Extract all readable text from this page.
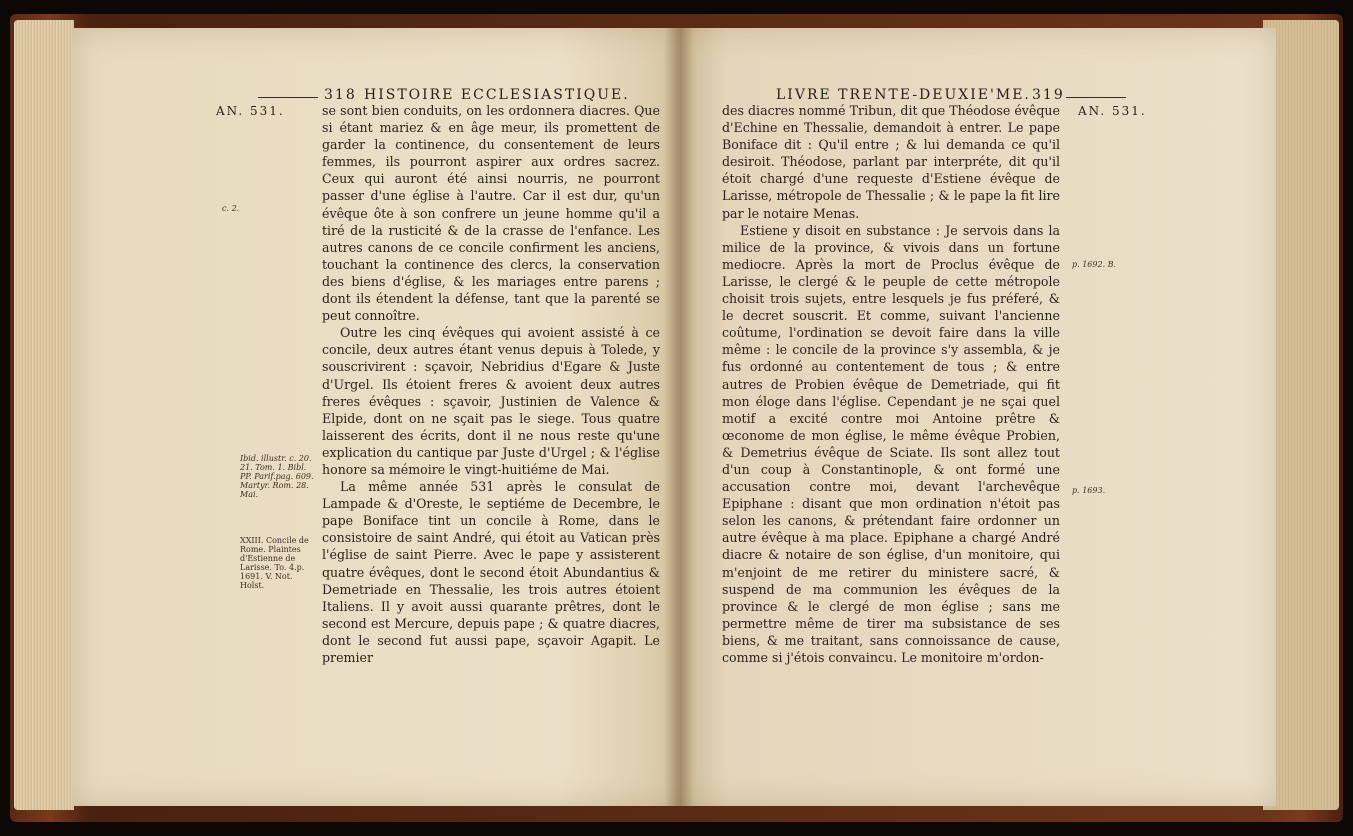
318 HISTOIRE ECCLESIASTIQUE.
AN. 531.
c. 2.
Ibid. illustr. c. 20. 21. Tom. 1. Bibl. PP. Parif.pag. 609. Martyr. Rom. 28. Mai.
XXIII. Concile de Rome. Plaintes d'Estienne de Larisse. To. 4.p. 1691. V. Not. Holst.

se sont bien conduits, on les ordonnera diacres. Que si étant mariez & en âge meur, ils promettent de garder la continence, du consentement de leurs femmes, ils pourront aspirer aux ordres sacrez. Ceux qui auront été ainsi nourris, ne pourront passer d'une église à l'autre. Car il est dur, qu'un évêque ôte à son confrere un jeune homme qu'il a tiré de la rusticité & de la crasse de l'enfance. Les autres canons de ce concile confirment les anciens, touchant la continence des clercs, la conservation des biens d'église, & les mariages entre parens ; dont ils étendent la défense, tant que la parenté se peut connoître.

Outre les cinq évêques qui avoient assisté à ce concile, deux autres étant venus depuis à Tolede, y souscrivirent : sçavoir, Nebridius d'Egare & Juste d'Urgel. Ils étoient freres & avoient deux autres freres évêques : sçavoir, Justinien de Valence & Elpide, dont on ne sçait pas le siege. Tous quatre laisserent des écrits, dont il ne nous reste qu'une explication du cantique par Juste d'Urgel ; & l'église honore sa mémoire le vingt-huitiéme de Mai.

La même année 531 après le consulat de Lampade & d'Oreste, le septiéme de Decembre, le pape Boniface tint un concile à Rome, dans le consistoire de saint André, qui étoit au Vatican près l'église de saint Pierre. Avec le pape y assisterent quatre évêques, dont le second étoit Abundantius & Demetriade en Thessalie, les trois autres étoient Italiens. Il y avoit aussi quarante prêtres, dont le second est Mercure, depuis pape ; & quatre diacres, dont le second fut aussi pape, sçavoir Agapit. Le premier

LIVRE TRENTE-DEUXIE'ME. 319
AN. 531.
p. 1692. B.
p. 1693.

des diacres nommé Tribun, dit que Théodose évêque d'Echine en Thessalie, demandoit à entrer. Le pape Boniface dit : Qu'il entre ; & lui demanda ce qu'il desiroit. Théodose, parlant par interpréte, dit qu'il étoit chargé d'une requeste d'Estiene évêque de Larisse, métropole de Thessalie ; & le pape la fit lire par le notaire Menas.

Estiene y disoit en substance : Je servois dans la milice de la province, & vivois dans un fortune mediocre. Après la mort de Proclus évêque de Larisse, le clergé & le peuple de cette métropole choisit trois sujets, entre lesquels je fus préferé, & le decret souscrit. Et comme, suivant l'ancienne coûtume, l'ordination se devoit faire dans la ville même : le concile de la province s'y assembla, & je fus ordonné au contentement de tous ; & entre autres de Probien évêque de Demetriade, qui fit mon éloge dans l'église. Cependant je ne sçai quel motif a excité contre moi Antoine prêtre & œconome de mon église, le même évêque Probien, & Demetrius évêque de Sciate. Ils sont allez tout d'un coup à Constantinople, & ont formé une accusation contre moi, devant l'archevêque Epiphane : disant que mon ordination n'étoit pas selon les canons, & prétendant faire ordonner un autre évêque à ma place. Epiphane a chargé André diacre & notaire de son église, d'un monitoire, qui m'enjoint de me retirer du ministere sacré, & suspend de ma communion les évêques de la province & le clergé de mon église ; sans me permettre même de tirer ma subsistance de ses biens, & me traitant, sans connoissance de cause, comme si j'étois convaincu. Le monitoire m'ordon-
